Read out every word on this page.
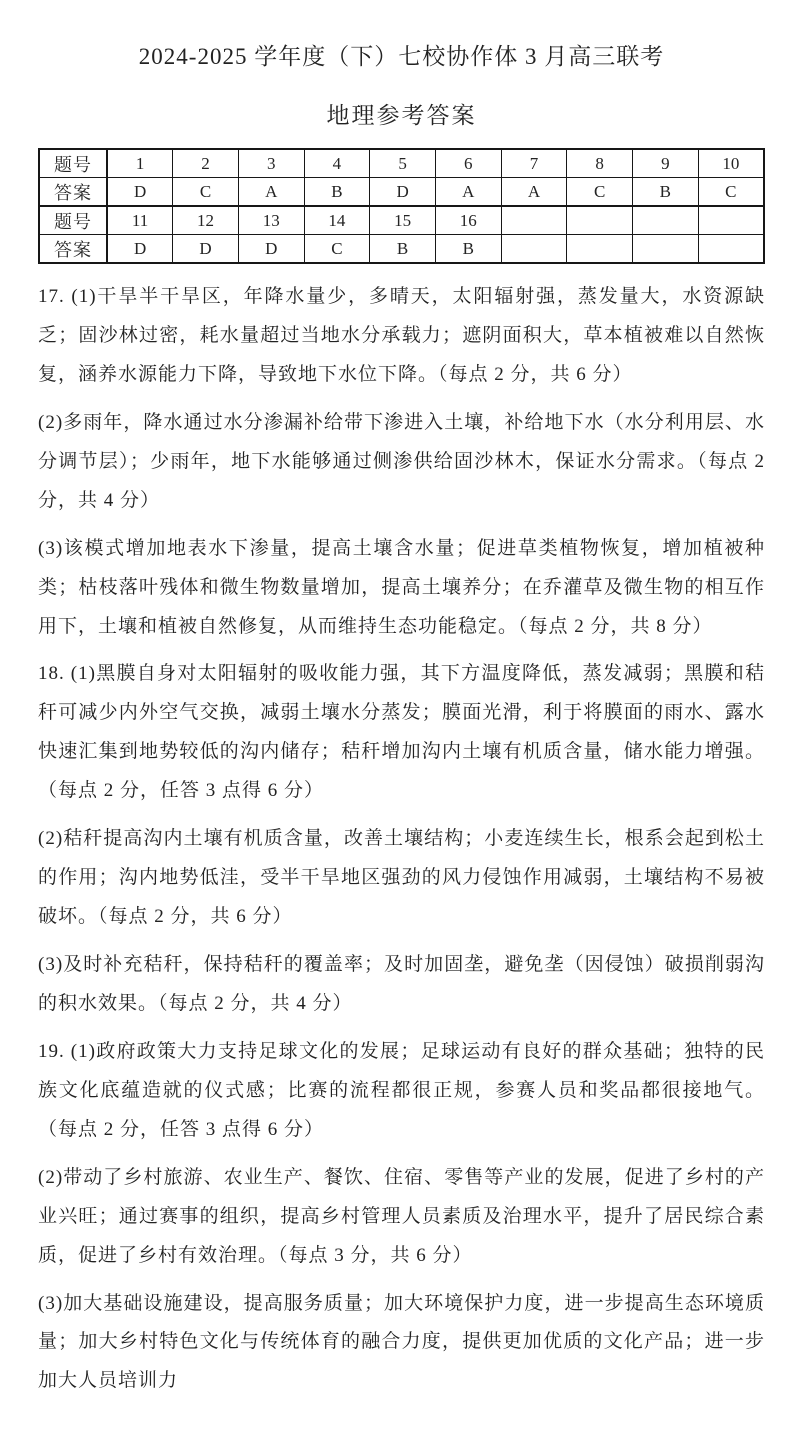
2024-2025 学年度（下）七校协作体 3 月高三联考
地理参考答案
题号	1	2	3	4	5	6	7	8	9	10
答案	D	C	A	B	D	A	A	C	B	C
题号	11	12	13	14	15	16				
答案	D	D	D	C	B	B				

17. (1)干旱半干旱区，年降水量少，多晴天，太阳辐射强，蒸发量大，水资源缺乏；固沙林过密，耗水量超过当地水分承载力；遮阴面积大，草本植被难以自然恢复，涵养水源能力下降，导致地下水位下降。（每点 2 分，共 6 分）

(2)多雨年，降水通过水分渗漏补给带下渗进入土壤，补给地下水（水分利用层、水分调节层）；少雨年，地下水能够通过侧渗供给固沙林木，保证水分需求。（每点 2 分，共 4 分）

(3)该模式增加地表水下渗量，提高土壤含水量；促进草类植物恢复，增加植被种类；枯枝落叶残体和微生物数量增加，提高土壤养分；在乔灌草及微生物的相互作用下，土壤和植被自然修复，从而维持生态功能稳定。（每点 2 分，共 8 分）

18. (1)黑膜自身对太阳辐射的吸收能力强，其下方温度降低，蒸发减弱；黑膜和秸秆可减少内外空气交换，减弱土壤水分蒸发；膜面光滑，利于将膜面的雨水、露水快速汇集到地势较低的沟内储存；秸秆增加沟内土壤有机质含量，储水能力增强。（每点 2 分，任答 3 点得 6 分）

(2)秸秆提高沟内土壤有机质含量，改善土壤结构；小麦连续生长，根系会起到松土的作用；沟内地势低洼，受半干旱地区强劲的风力侵蚀作用减弱，土壤结构不易被破坏。（每点 2 分，共 6 分）

(3)及时补充秸秆，保持秸秆的覆盖率；及时加固垄，避免垄（因侵蚀）破损削弱沟的积水效果。（每点 2 分，共 4 分）

19. (1)政府政策大力支持足球文化的发展；足球运动有良好的群众基础；独特的民族文化底蕴造就的仪式感；比赛的流程都很正规，参赛人员和奖品都很接地气。（每点 2 分，任答 3 点得 6 分）

(2)带动了乡村旅游、农业生产、餐饮、住宿、零售等产业的发展，促进了乡村的产业兴旺；通过赛事的组织，提高乡村管理人员素质及治理水平，提升了居民综合素质，促进了乡村有效治理。（每点 3 分，共 6 分）

(3)加大基础设施建设，提高服务质量；加大环境保护力度，进一步提高生态环境质量；加大乡村特色文化与传统体育的融合力度，提供更加优质的文化产品；进一步加大人员培训力
